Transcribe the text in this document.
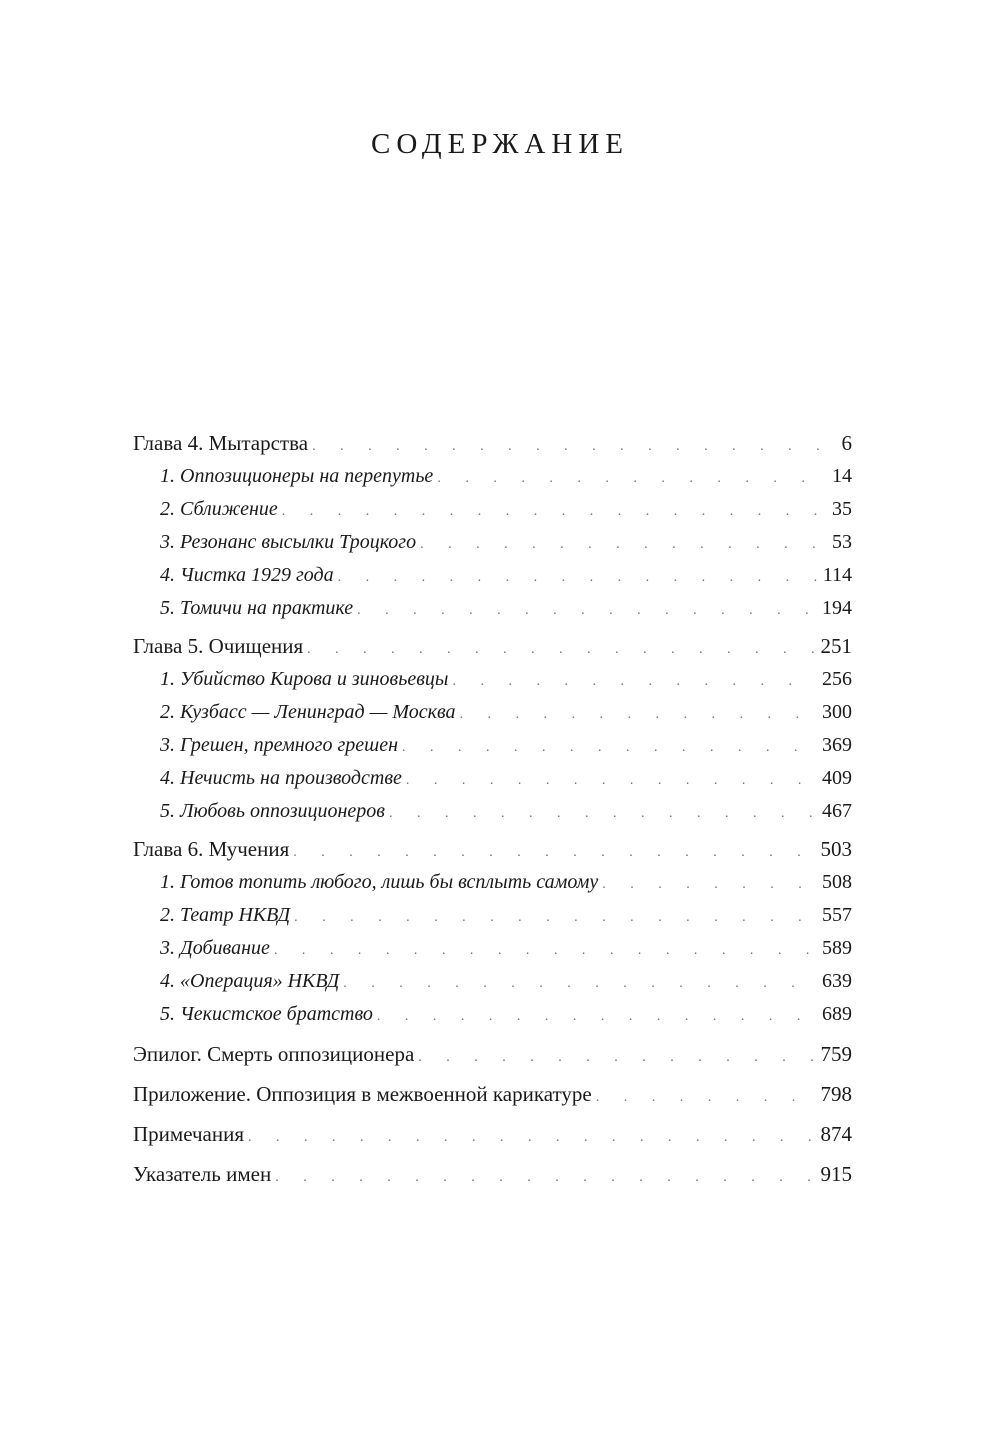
СОДЕРЖАНИЕ
Глава 4. Мытарства . . .	6
1. Оппозиционеры на перепутье . . .	14
2. Сближение . . .	35
3. Резонанс высылки Троцкого . . .	53
4. Чистка 1929 года . . .	114
5. Томичи на практике . . .	194
Глава 5. Очищения . . .	251
1. Убийство Кирова и зиновьевцы . . .	256
2. Кузбасс — Ленинград — Москва . . .	300
3. Грешен, премного грешен . . .	369
4. Нечисть на производстве . . .	409
5. Любовь оппозиционеров . . .	467
Глава 6. Мучения . . .	503
1. Готов топить любого, лишь бы всплыть самому . . .	508
2. Театр НКВД . . .	557
3. Добивание . . .	589
4. «Операция» НКВД . . .	639
5. Чекистское братство . . .	689
Эпилог. Смерть оппозиционера . . .	759
Приложение. Оппозиция в межвоенной карикатуре . . .	798
Примечания . . .	874
Указатель имен . . .	915
